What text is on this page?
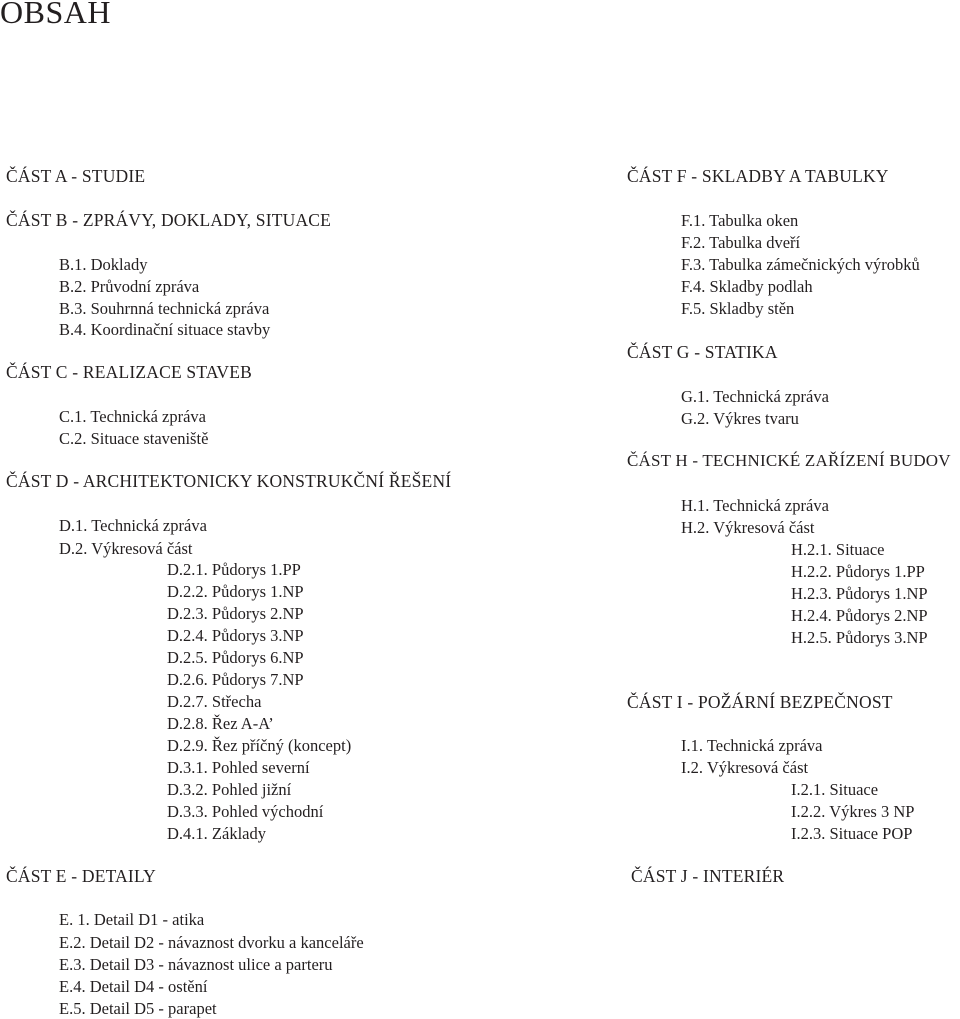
OBSAH
ČÁST A - STUDIE
ČÁST B - ZPRÁVY, DOKLADY, SITUACE
B.1. Doklady
B.2. Průvodní zpráva
B.3. Souhrnná technická zpráva
B.4. Koordinační situace stavby
ČÁST C - REALIZACE STAVEB
C.1. Technická zpráva
C.2. Situace staveniště
ČÁST D - ARCHITEKTONICKY KONSTRUKČNÍ ŘEŠENÍ
D.1. Technická zpráva
D.2. Výkresová část
D.2.1. Půdorys 1.PP
D.2.2. Půdorys 1.NP
D.2.3. Půdorys 2.NP
D.2.4. Půdorys 3.NP
D.2.5. Půdorys 6.NP
D.2.6. Půdorys 7.NP
D.2.7. Střecha
D.2.8. Řez A-A’
D.2.9. Řez příčný (koncept)
D.3.1. Pohled severní
D.3.2. Pohled jižní
D.3.3. Pohled východní
D.4.1. Základy
ČÁST E - DETAILY
E. 1. Detail D1 - atika
E.2. Detail D2 - návaznost dvorku a kanceláře
E.3. Detail D3 - návaznost ulice a parteru
E.4. Detail D4 - ostění
E.5. Detail D5 - parapet
ČÁST F - SKLADBY A TABULKY
F.1. Tabulka oken
F.2. Tabulka dveří
F.3. Tabulka zámečnických výrobků
F.4. Skladby podlah
F.5. Skladby stěn
ČÁST G - STATIKA
G.1. Technická zpráva
G.2. Výkres tvaru
ČÁST H - TECHNICKÉ ZAŘÍZENÍ BUDOV
H.1. Technická zpráva
H.2. Výkresová část
H.2.1. Situace
H.2.2. Půdorys 1.PP
H.2.3. Půdorys 1.NP
H.2.4. Půdorys 2.NP
H.2.5. Půdorys 3.NP
ČÁST I - POŽÁRNÍ BEZPEČNOST
I.1. Technická zpráva
I.2. Výkresová část
I.2.1. Situace
I.2.2. Výkres 3 NP
I.2.3. Situace POP
ČÁST J - INTERIÉR
